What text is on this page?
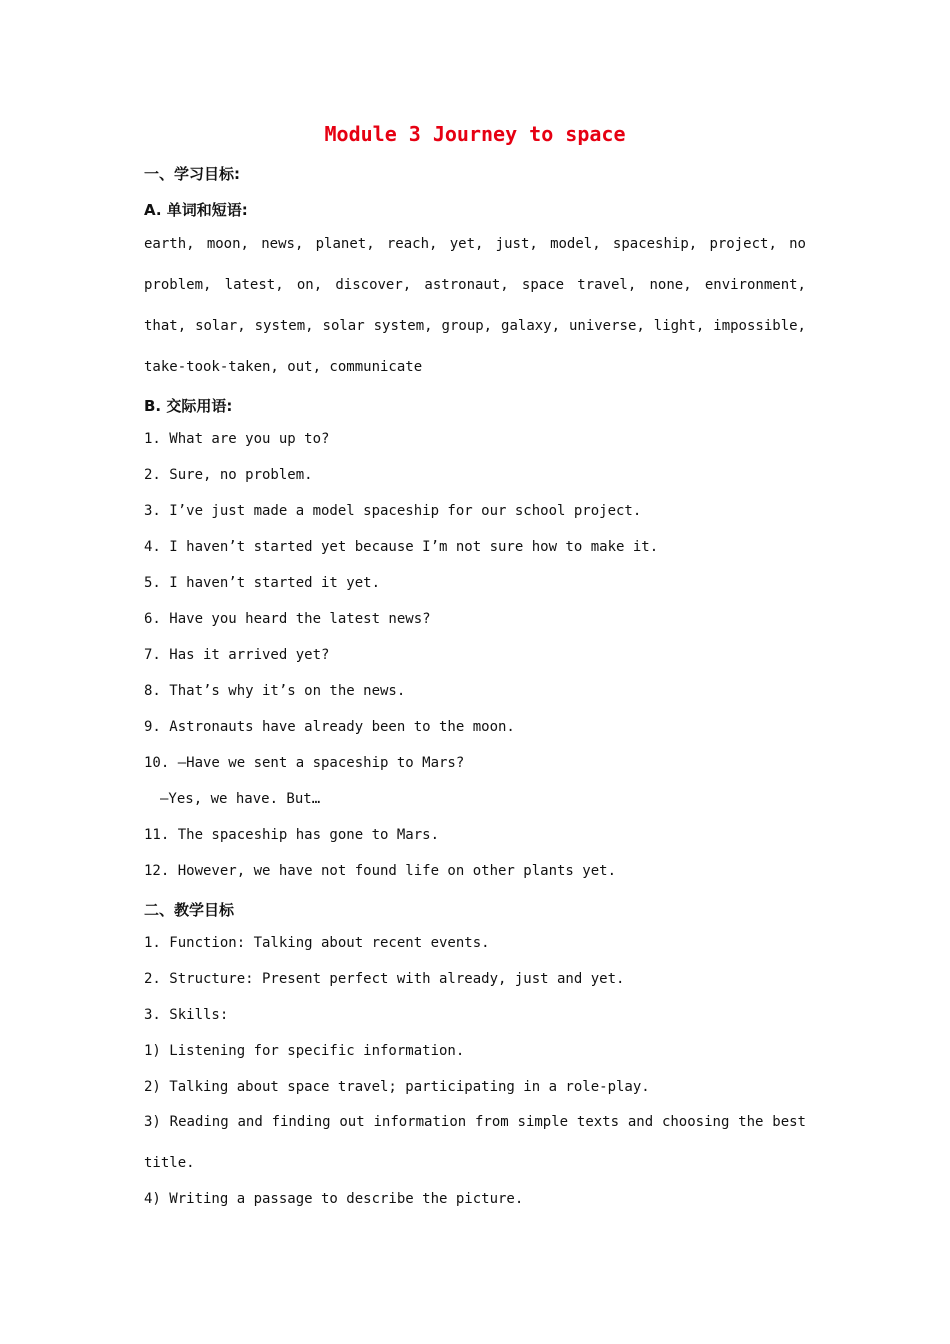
Module 3 Journey to space
一、学习目标:
A. 单词和短语:
earth, moon, news, planet, reach, yet, just, model, spaceship, project, no
problem, latest, on, discover, astronaut, space travel, none, environment,
that, solar, system, solar system, group, galaxy, universe, light, impossible,
take-took-taken, out, communicate
B. 交际用语:
1. What are you up to?
2. Sure, no problem.
3. I’ve just made a model spaceship for our school project.
4. I haven’t started yet because I’m not sure how to make it.
5. I haven’t started it yet.
6. Have you heard the latest news?
7. Has it arrived yet?
8. That’s why it’s on the news.
9. Astronauts have already been to the moon.
10. —Have we sent a spaceship to Mars?
—Yes, we have. But…
11. The spaceship has gone to Mars.
12. However, we have not found life on other plants yet.
二、教学目标
1. Function: Talking about recent events.
2. Structure: Present perfect with already, just and yet.
3. Skills:
1) Listening for specific information.
2) Talking about space travel; participating in a role-play.
3) Reading and finding out information from simple texts and choosing the best
title.
4) Writing a passage to describe the picture.
